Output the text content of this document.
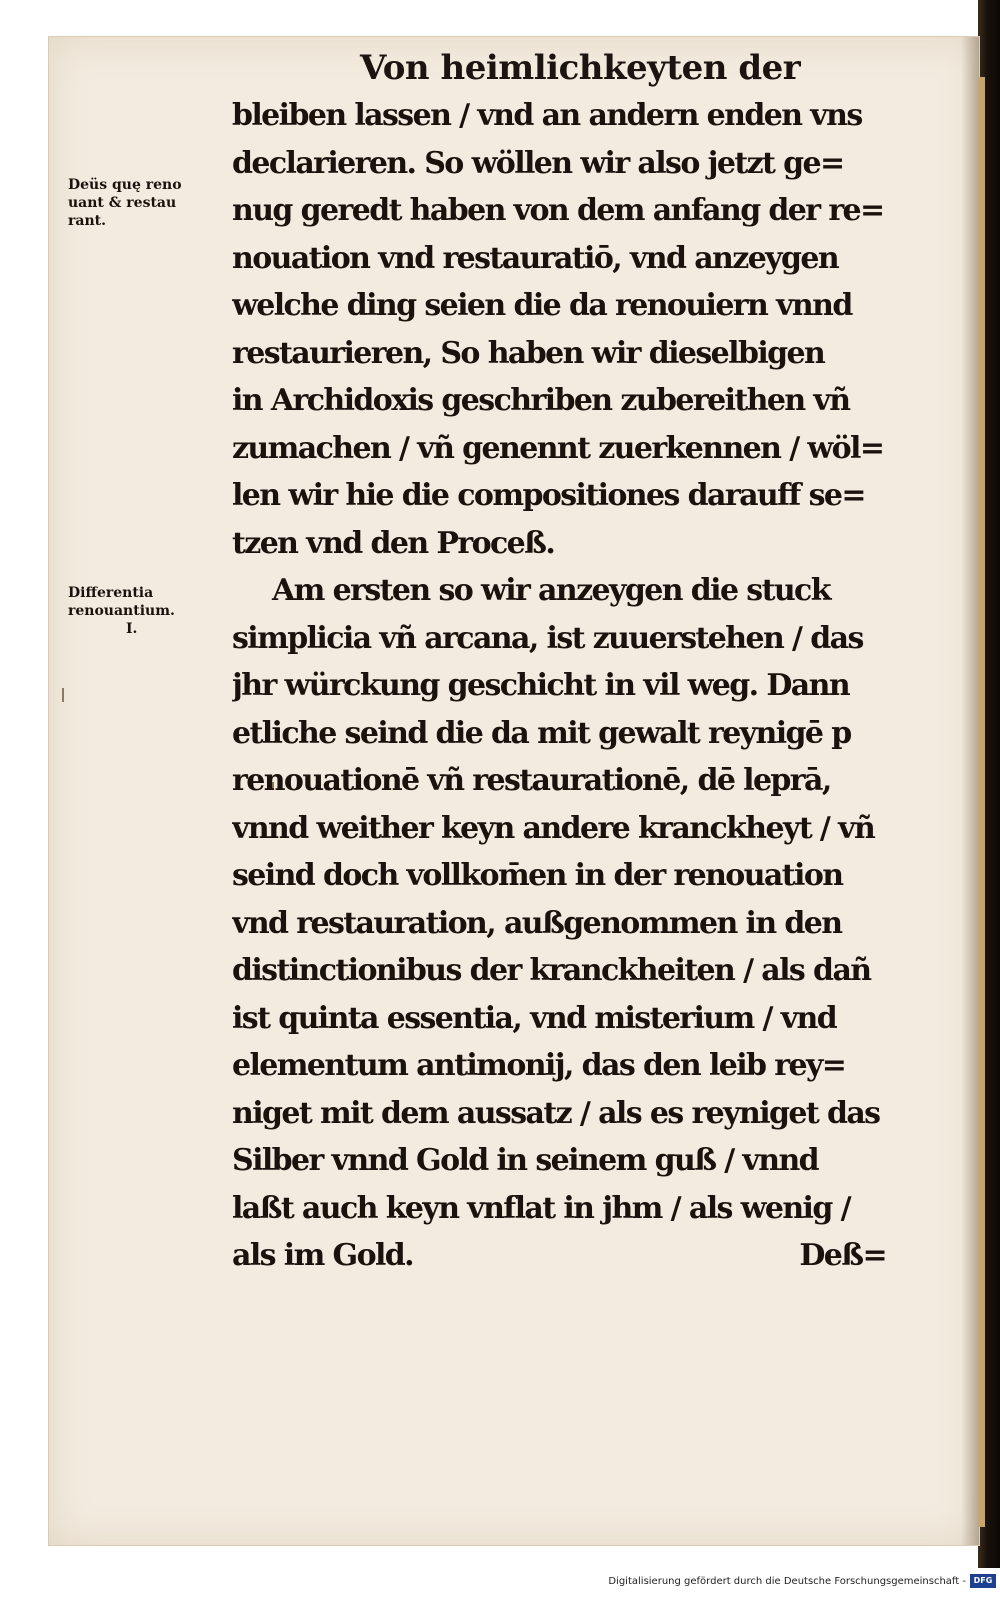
Von heimlichkeyten der
Deüs quę reno
uant & restau
rant.
Differentia
renouantium.
I.
bleiben lassen / vnd an andern enden vns
declarieren. So wöllen wir also jetzt ge=
nug geredt haben von dem anfang der re=
nouation vnd restauratiō, vnd anzeygen
welche ding seien die da renouiern vnnd
restaurieren, So haben wir dieselbigen
in Archidoxis geschriben zubereithen vñ
zumachen / vñ genennt zuerkennen / wöl=
len wir hie die compositiones darauff se=
tzen vnd den Proceß.
Am ersten so wir anzeygen die stuck
simplicia vñ arcana, ist zuuerstehen / das
jhr würckung geschicht in vil weg. Dann
etliche seind die da mit gewalt reynigē p
renouationē vñ restaurationē, dē leprā,
vnnd weither keyn andere kranckheyt / vñ
seind doch vollkom̄en in der renouation
vnd restauration, außgenommen in den
distinctionibus der kranckheiten / als dañ
ist quinta essentia, vnd misterium / vnd
elementum antimonij, das den leib rey=
niget mit dem aussatz / als es reyniget das
Silber vnnd Gold in seinem guß / vnnd
laßt auch keyn vnflat in jhm / als wenig /
als im Gold.	Deß=
Digitalisierung gefördert durch die Deutsche Forschungsgemeinschaft - DFG
